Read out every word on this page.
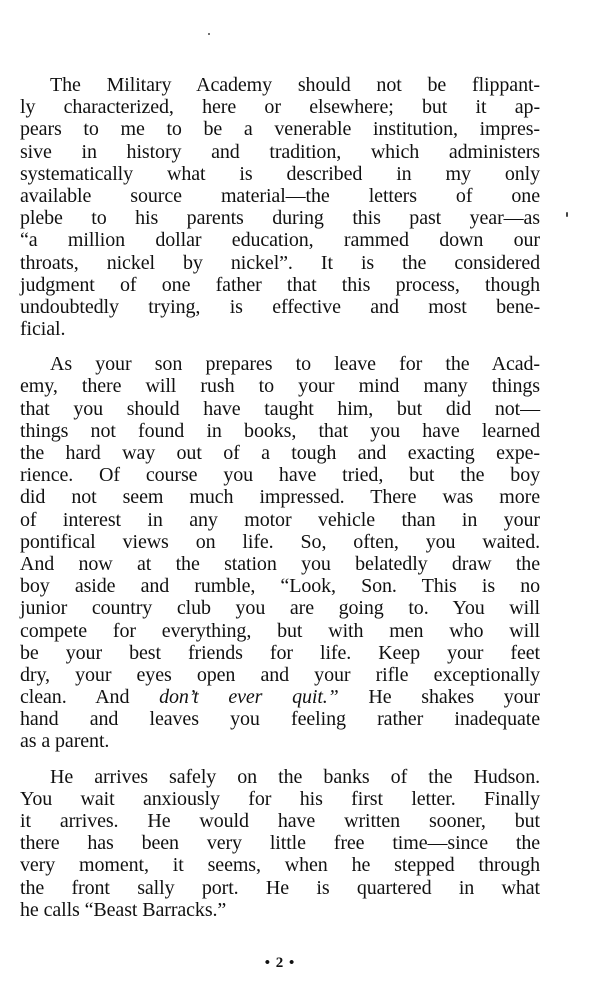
The Military Academy should not be flippant-
ly characterized, here or elsewhere; but it ap-
pears to me to be a venerable institution, impres-
sive in history and tradition, which administers
systematically what is described in my only
available source material—the letters of one
plebe to his parents during this past year—as
“a million dollar education, rammed down our
throats, nickel by nickel”. It is the considered
judgment of one father that this process, though
undoubtedly trying, is effective and most bene-
ficial.

As your son prepares to leave for the Acad-
emy, there will rush to your mind many things
that you should have taught him, but did not—
things not found in books, that you have learned
the hard way out of a tough and exacting expe-
rience. Of course you have tried, but the boy
did not seem much impressed. There was more
of interest in any motor vehicle than in your
pontifical views on life. So, often, you waited.
And now at the station you belatedly draw the
boy aside and rumble, “Look, Son. This is no
junior country club you are going to. You will
compete for everything, but with men who will
be your best friends for life. Keep your feet
dry, your eyes open and your rifle exceptionally
clean. And don’t ever quit.” He shakes your
hand and leaves you feeling rather inadequate
as a parent.

He arrives safely on the banks of the Hudson.
You wait anxiously for his first letter. Finally
it arrives. He would have written sooner, but
there has been very little free time—since the
very moment, it seems, when he stepped through
the front sally port. He is quartered in what
he calls “Beast Barracks.”

• 2 •
